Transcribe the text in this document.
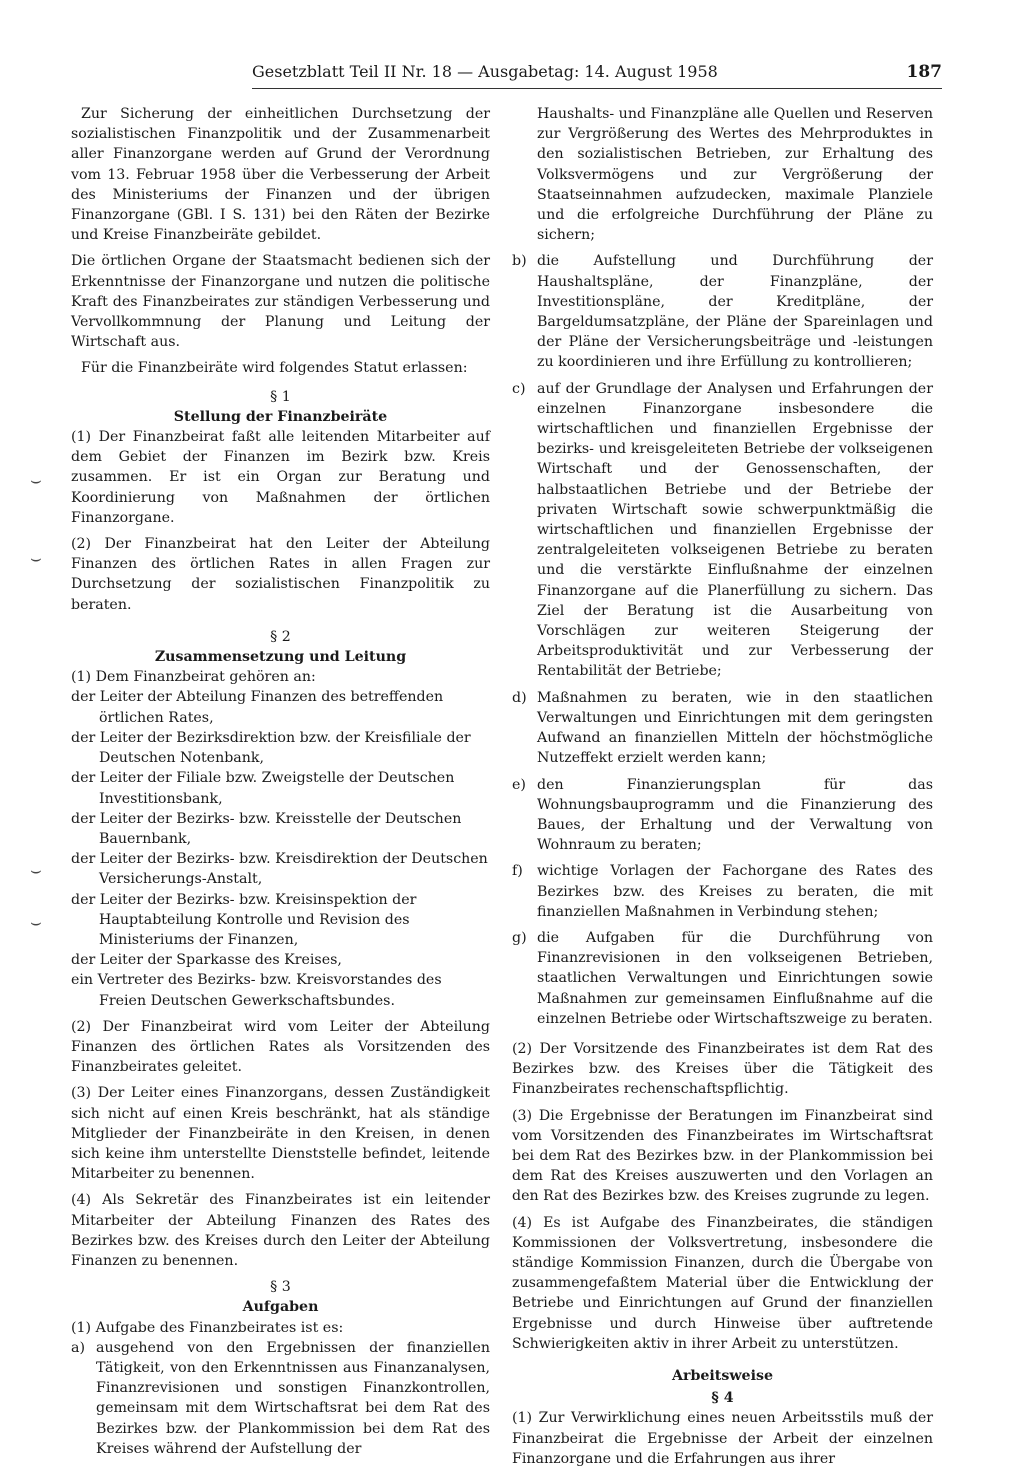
Gesetzblatt Teil II Nr. 18 — Ausgabetag: 14. August 1958	187
⌣
⌣
⌣
⌣

Zur Sicherung der einheitlichen Durchsetzung der sozialistischen Finanzpolitik und der Zusammenarbeit aller Finanzorgane werden auf Grund der Verordnung vom 13. Februar 1958 über die Verbesserung der Arbeit des Ministeriums der Finanzen und der übrigen Finanzorgane (GBl. I S. 131) bei den Räten der Bezirke und Kreise Finanzbeiräte gebildet.

Die örtlichen Organe der Staatsmacht bedienen sich der Erkenntnisse der Finanzorgane und nutzen die politische Kraft des Finanzbeirates zur ständigen Verbesserung und Vervollkommnung der Planung und Leitung der Wirtschaft aus.

Für die Finanzbeiräte wird folgendes Statut erlassen:

§ 1

Stellung der Finanzbeiräte

(1) Der Finanzbeirat faßt alle leitenden Mitarbeiter auf dem Gebiet der Finanzen im Bezirk bzw. Kreis zusammen. Er ist ein Organ zur Beratung und Koordinierung von Maßnahmen der örtlichen Finanzorgane.

(2) Der Finanzbeirat hat den Leiter der Abteilung Finanzen des örtlichen Rates in allen Fragen zur Durchsetzung der sozialistischen Finanzpolitik zu beraten.

§ 2

Zusammensetzung und Leitung

(1) Dem Finanzbeirat gehören an:

der Leiter der Abteilung Finanzen des betreffenden örtlichen Rates,

der Leiter der Bezirksdirektion bzw. der Kreisfiliale der Deutschen Notenbank,

der Leiter der Filiale bzw. Zweigstelle der Deutschen Investitionsbank,

der Leiter der Bezirks- bzw. Kreisstelle der Deutschen Bauernbank,

der Leiter der Bezirks- bzw. Kreisdirektion der Deutschen Versicherungs-Anstalt,

der Leiter der Bezirks- bzw. Kreisinspektion der Hauptabteilung Kontrolle und Revision des Ministeriums der Finanzen,

der Leiter der Sparkasse des Kreises,

ein Vertreter des Bezirks- bzw. Kreisvorstandes des Freien Deutschen Gewerkschaftsbundes.

(2) Der Finanzbeirat wird vom Leiter der Abteilung Finanzen des örtlichen Rates als Vorsitzenden des Finanzbeirates geleitet.

(3) Der Leiter eines Finanzorgans, dessen Zuständigkeit sich nicht auf einen Kreis beschränkt, hat als ständige Mitglieder der Finanzbeiräte in den Kreisen, in denen sich keine ihm unterstellte Dienststelle befindet, leitende Mitarbeiter zu benennen.

(4) Als Sekretär des Finanzbeirates ist ein leitender Mitarbeiter der Abteilung Finanzen des Rates des Bezirkes bzw. des Kreises durch den Leiter der Abteilung Finanzen zu benennen.

§ 3

Aufgaben

(1) Aufgabe des Finanzbeirates ist es:

a) ausgehend von den Ergebnissen der finanziellen Tätigkeit, von den Erkenntnissen aus Finanzanalysen, Finanzrevisionen und sonstigen Finanzkontrollen, gemeinsam mit dem Wirtschaftsrat bei dem Rat des Bezirkes bzw. der Plankommission bei dem Rat des Kreises während der Aufstellung der
Haushalts- und Finanzpläne alle Quellen und Reserven zur Vergrößerung des Wertes des Mehrproduktes in den sozialistischen Betrieben, zur Erhaltung des Volksvermögens und zur Vergrößerung der Staatseinnahmen aufzudecken, maximale Planziele und die erfolgreiche Durchführung der Pläne zu sichern;
b) die Aufstellung und Durchführung der Haushaltspläne, der Finanzpläne, der Investitionspläne, der Kreditpläne, der Bargeldumsatzpläne, der Pläne der Spareinlagen und der Pläne der Versicherungsbeiträge und -leistungen zu koordinieren und ihre Erfüllung zu kontrollieren;
c) auf der Grundlage der Analysen und Erfahrungen der einzelnen Finanzorgane insbesondere die wirtschaftlichen und finanziellen Ergebnisse der bezirks- und kreisgeleiteten Betriebe der volkseigenen Wirtschaft und der Genossenschaften, der halbstaatlichen Betriebe und der Betriebe der privaten Wirtschaft sowie schwerpunktmäßig die wirtschaftlichen und finanziellen Ergebnisse der zentralgeleiteten volkseigenen Betriebe zu beraten und die verstärkte Einflußnahme der einzelnen Finanzorgane auf die Planerfüllung zu sichern. Das Ziel der Beratung ist die Ausarbeitung von Vorschlägen zur weiteren Steigerung der Arbeitsproduktivität und zur Verbesserung der Rentabilität der Betriebe;
d) Maßnahmen zu beraten, wie in den staatlichen Verwaltungen und Einrichtungen mit dem geringsten Aufwand an finanziellen Mitteln der höchstmögliche Nutzeffekt erzielt werden kann;
e) den Finanzierungsplan für das Wohnungsbauprogramm und die Finanzierung des Baues, der Erhaltung und der Verwaltung von Wohnraum zu beraten;
f) wichtige Vorlagen der Fachorgane des Rates des Bezirkes bzw. des Kreises zu beraten, die mit finanziellen Maßnahmen in Verbindung stehen;
g) die Aufgaben für die Durchführung von Finanzrevisionen in den volkseigenen Betrieben, staatlichen Verwaltungen und Einrichtungen sowie Maßnahmen zur gemeinsamen Einflußnahme auf die einzelnen Betriebe oder Wirtschaftszweige zu beraten.

(2) Der Vorsitzende des Finanzbeirates ist dem Rat des Bezirkes bzw. des Kreises über die Tätigkeit des Finanzbeirates rechenschaftspflichtig.

(3) Die Ergebnisse der Beratungen im Finanzbeirat sind vom Vorsitzenden des Finanzbeirates im Wirtschaftsrat bei dem Rat des Bezirkes bzw. in der Plankommission bei dem Rat des Kreises auszuwerten und den Vorlagen an den Rat des Bezirkes bzw. des Kreises zugrunde zu legen.

(4) Es ist Aufgabe des Finanzbeirates, die ständigen Kommissionen der Volksvertretung, insbesondere die ständige Kommission Finanzen, durch die Übergabe von zusammengefaßtem Material über die Entwicklung der Betriebe und Einrichtungen auf Grund der finanziellen Ergebnisse und durch Hinweise über auftretende Schwierigkeiten aktiv in ihrer Arbeit zu unterstützen.

Arbeitsweise

§ 4

(1) Zur Verwirklichung eines neuen Arbeitsstils muß der Finanzbeirat die Ergebnisse der Arbeit der einzelnen Finanzorgane und die Erfahrungen aus ihrer
